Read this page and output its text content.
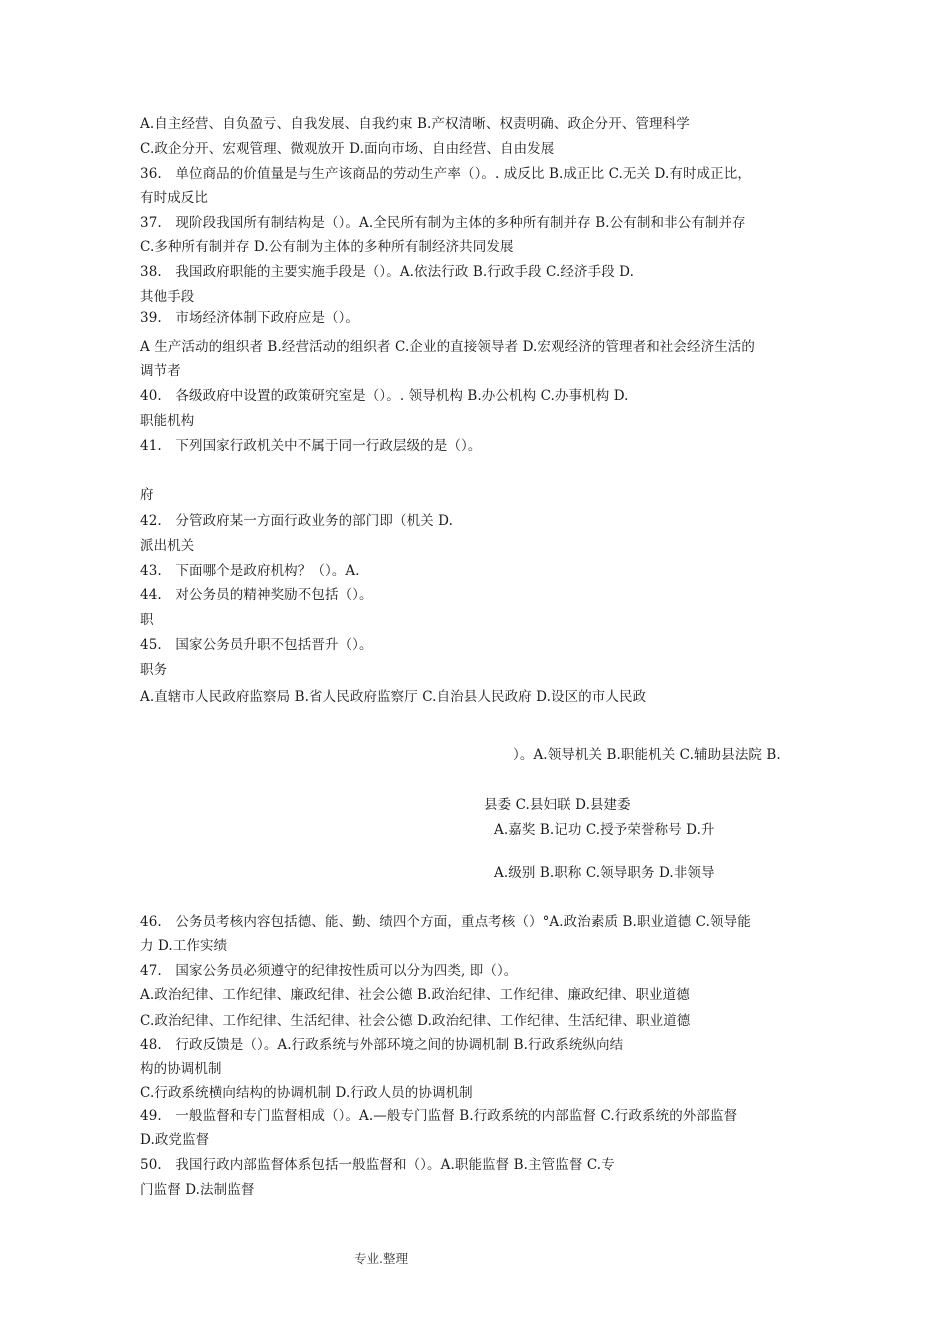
A.自主经营、自负盈亏、自我发展、自我约束 B.产权清晰、权责明确、政企分开、管理科学
C.政企分开、宏观管理、微观放开 D.面向市场、自由经营、自由发展
36.　单位商品的价值量是与生产该商品的劳动生产率（）。. 成反比 B.成正比 C.无关 D.有时成正比，
有时成反比
37.　现阶段我国所有制结构是（）。A.全民所有制为主体的多种所有制并存 B.公有制和非公有制并存
C.多种所有制并存 D.公有制为主体的多种所有制经济共同发展
38.　我国政府职能的主要实施手段是（）。A.依法行政 B.行政手段 C.经济手段 D.
其他手段
39.　市场经济体制下政府应是（）。
A 生产活动的组织者 B.经营活动的组织者 C.企业的直接领导者 D.宏观经济的管理者和社会经济生活的
调节者
40.　各级政府中设置的政策研究室是（）。. 领导机构 B.办公机构 C.办事机构 D.
职能机构
41.　下列国家行政机关中不属于同一行政层级的是（）。
府
42.　分管政府某一方面行政业务的部门即（机关 D.
派出机关
43.　下面哪个是政府机构？（）。A.
44.　对公务员的精神奖励不包括（）。
职
45.　国家公务员升职不包括晋升（）。
职务
A.直辖市人民政府监察局 B.省人民政府监察厅 C.自治县人民政府 D.设区的市人民政
）。A.领导机关 B.职能机关 C.辅助县法院 B.
县委 C.县妇联 D.县建委
A.嘉奖 B.记功 C.授予荣誉称号 D.升
A.级别 B.职称 C.领导职务 D.非领导
46.　公务员考核内容包括德、能、勤、绩四个方面，重点考核（）°A.政治素质 B.职业道德 C.领导能
力 D.工作实绩
47.　国家公务员必须遵守的纪律按性质可以分为四类, 即（）。
A.政治纪律、工作纪律、廉政纪律、社会公德 B.政治纪律、工作纪律、廉政纪律、职业道德
C.政治纪律、工作纪律、生活纪律、社会公德 D.政治纪律、工作纪律、生活纪律、职业道德
48.　行政反馈是（）。A.行政系统与外部环境之间的协调机制 B.行政系统纵向结
构的协调机制
C.行政系统横向结构的协调机制 D.行政人员的协调机制
49.　一般监督和专门监督相成（）。A.—般专门监督 B.行政系统的内部监督 C.行政系统的外部监督
D.政党监督
50.　我国行政内部监督体系包括一般监督和（）。A.职能监督 B.主管监督 C.专
门监督 D.法制监督
专业.整理
